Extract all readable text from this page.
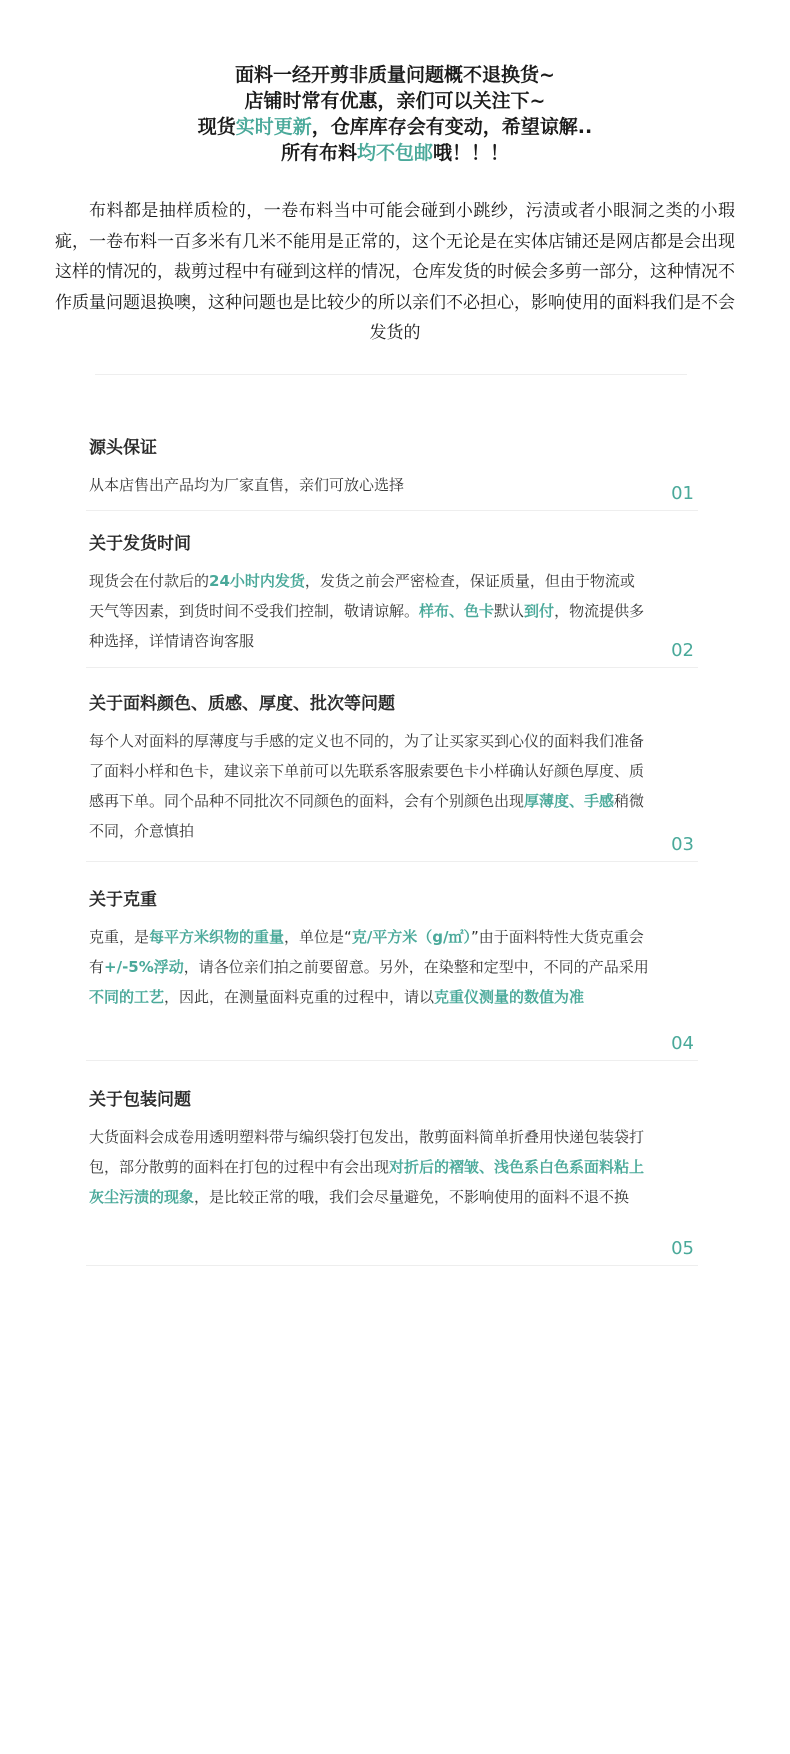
面料一经开剪非质量问题概不退换货~
店铺时常有优惠，亲们可以关注下~
现货实时更新，仓库库存会有变动，希望谅解..
所有布料均不包邮哦！！！
布料都是抽样质检的，一卷布料当中可能会碰到小跳纱，污渍或者小眼洞之类的小瑕疵，一卷布料一百多米有几米不能用是正常的，这个无论是在实体店铺还是网店都是会出现这样的情况的，裁剪过程中有碰到这样的情况，仓库发货的时候会多剪一部分，这种情况不作质量问题退换噢，这种问题也是比较少的所以亲们不必担心，影响使用的面料我们是不会发货的
源头保证
从本店售出产品均为厂家直售，亲们可放心选择	01
关于发货时间
现货会在付款后的24小时内发货，发货之前会严密检查，保证质量，但由于物流或天气等因素，到货时间不受我们控制，敬请谅解。样布、色卡默认到付，物流提供多种选择，详情请咨询客服	02
关于面料颜色、质感、厚度、批次等问题
每个人对面料的厚薄度与手感的定义也不同的，为了让买家买到心仪的面料我们准备了面料小样和色卡，建议亲下单前可以先联系客服索要色卡小样确认好颜色厚度、质感再下单。同个品种不同批次不同颜色的面料，会有个别颜色出现厚薄度、手感稍微不同，介意慎拍
03
关于克重
克重，是每平方米织物的重量，单位是“克/平方米（g/㎡）”由于面料特性大货克重会有+/-5%浮动，请各位亲们拍之前要留意。另外，在染整和定型中，不同的产品采用不同的工艺，因此，在测量面料克重的过程中，请以克重仪测量的数值为准
04
关于包装问题
大货面料会成卷用透明塑料带与编织袋打包发出，散剪面料简单折叠用快递包装袋打包，部分散剪的面料在打包的过程中有会出现对折后的褶皱、浅色系白色系面料粘上灰尘污渍的现象，是比较正常的哦，我们会尽量避免，不影响使用的面料不退不换
05
